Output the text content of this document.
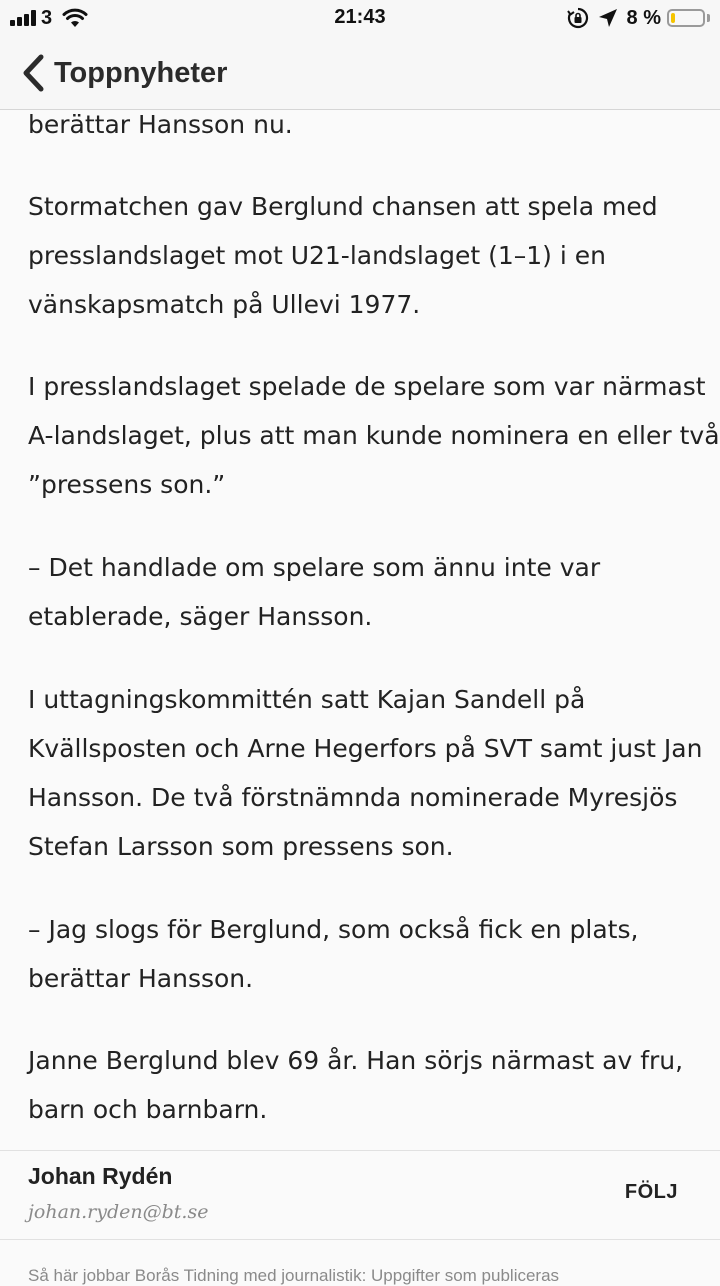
3	21:43	8 %
Toppnyheter

berättar Hansson nu.

Stormatchen gav Berglund chansen att spela med
presslandslaget mot U21-landslaget (1–1) i en
vänskapsmatch på Ullevi 1977.

I presslandslaget spelade de spelare som var närmast
A-landslaget, plus att man kunde nominera en eller två
”pressens son.”

– Det handlade om spelare som ännu inte var
etablerade, säger Hansson.

I uttagningskommittén satt Kajan Sandell på
Kvällsposten och Arne Hegerfors på SVT samt just Jan
Hansson. De två förstnämnda nominerade Myresjös
Stefan Larsson som pressens son.

– Jag slogs för Berglund, som också fick en plats,
berättar Hansson.

Janne Berglund blev 69 år. Han sörjs närmast av fru,
barn och barnbarn.

Johan Rydén
johan.ryden@bt.se
FÖLJ
Så här jobbar Borås Tidning med journalistik: Uppgifter som publiceras
